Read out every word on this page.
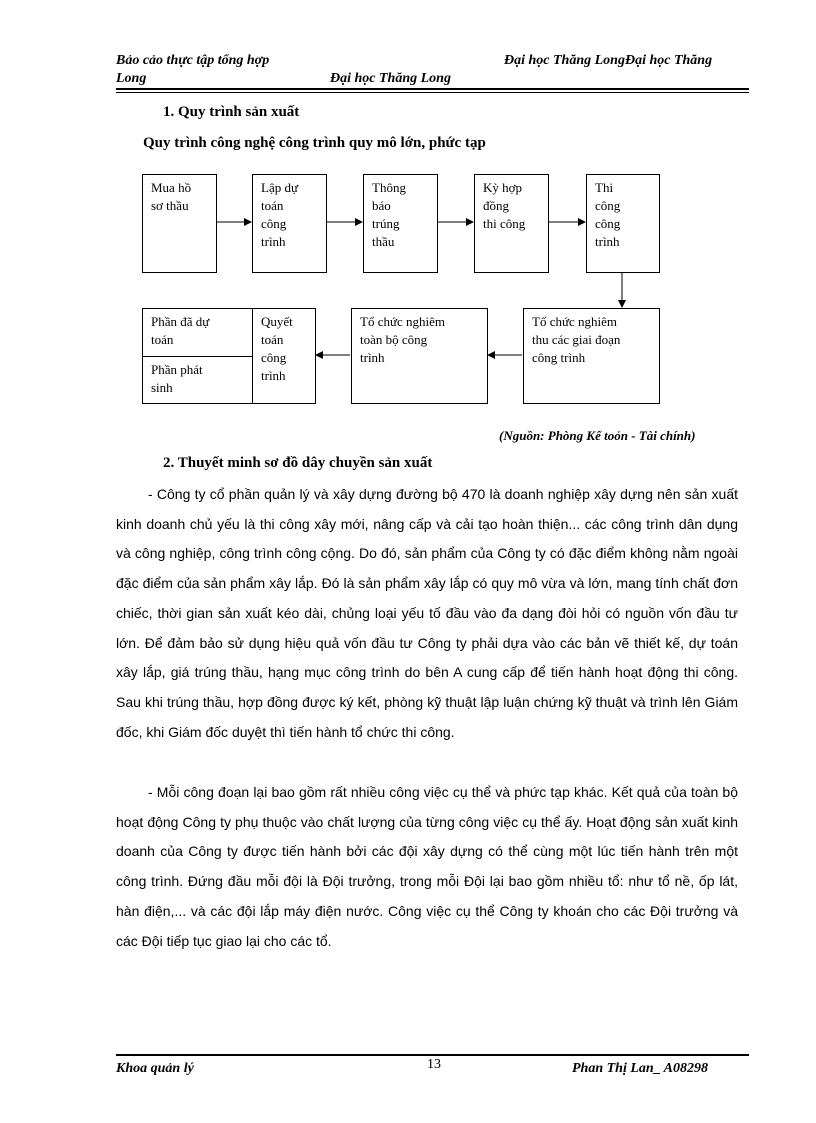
Bảo cảo thực tập tổng hợp	Đại học Thăng LongĐại học Thăng
Long	Đại học Thăng Long
1. Quy trình sản xuất
Quy trình công nghệ công trình quy mô lớn, phức tạp
Mua hồ
sơ thầu
Lập dự
toán
công
trình
Thông
báo
trúng
thầu
Kỳ hợp
đồng
thi công
Thi
công
công
trình
Tổ chức nghiêm
thu các giai đoạn
công trình
Tổ chức nghiêm
toàn bộ công
trình
Quyết
toán
công
trình
Phần đã dự
toán
Phần phát
sinh
(Nguồn: Phòng Kế toỏn - Tài chính)
2. Thuyết minh sơ đồ dây chuyền sản xuất

- Công ty cổ phần quản lý và xây dựng đường bộ 470 là doanh nghiệp xây dựng nên sản xuất kinh doanh chủ yếu là thi công xây mới, nâng cấp và cải tạo hoàn thiện... các công trình dân dụng và công nghiệp, công trình công cộng. Do đó, sản phẩm của Công ty có đặc điểm không nằm ngoài đặc điểm của sản phẩm xây lắp. Đó là sản phẩm xây lắp có quy mô vừa và lớn, mang tính chất đơn chiếc, thời gian sản xuất kéo dài, chủng loại yếu tố đầu vào đa dạng đòi hỏi có nguồn vốn đầu tư lớn. Để đảm bảo sử dụng hiệu quả vốn đầu tư Công ty phải dựa vào các bản vẽ thiết kế, dự toán xây lắp, giá trúng thầu, hạng mục công trình do bên A cung cấp để tiến hành hoạt động thi công. Sau khi trúng thầu, hợp đồng được ký kết, phòng kỹ thuật lập luận chứng kỹ thuật và trình lên Giám đốc, khi Giám đốc duyệt thì tiến hành tổ chức thi công.

- Mỗi công đoạn lại bao gồm rất nhiều công việc cụ thể và phức tạp khác. Kết quả của toàn bộ hoạt động Công ty phụ thuộc vào chất lượng của từng công việc cụ thể ấy. Hoạt động sản xuất kinh doanh của Công ty được tiến hành bởi các đội xây dựng có thể cùng một lúc tiến hành trên một công trình. Đứng đầu mỗi đội là Đội trưởng, trong mỗi Đội lại bao gồm nhiều tổ: như tổ nề, ốp lát, hàn điện,... và các đội lắp máy điện nước. Công việc cụ thể Công ty khoán cho các Đội trưởng và các Đội tiếp tục giao lại cho các tổ.

Khoa quản lý	13	Phan Thị Lan_ A08298
